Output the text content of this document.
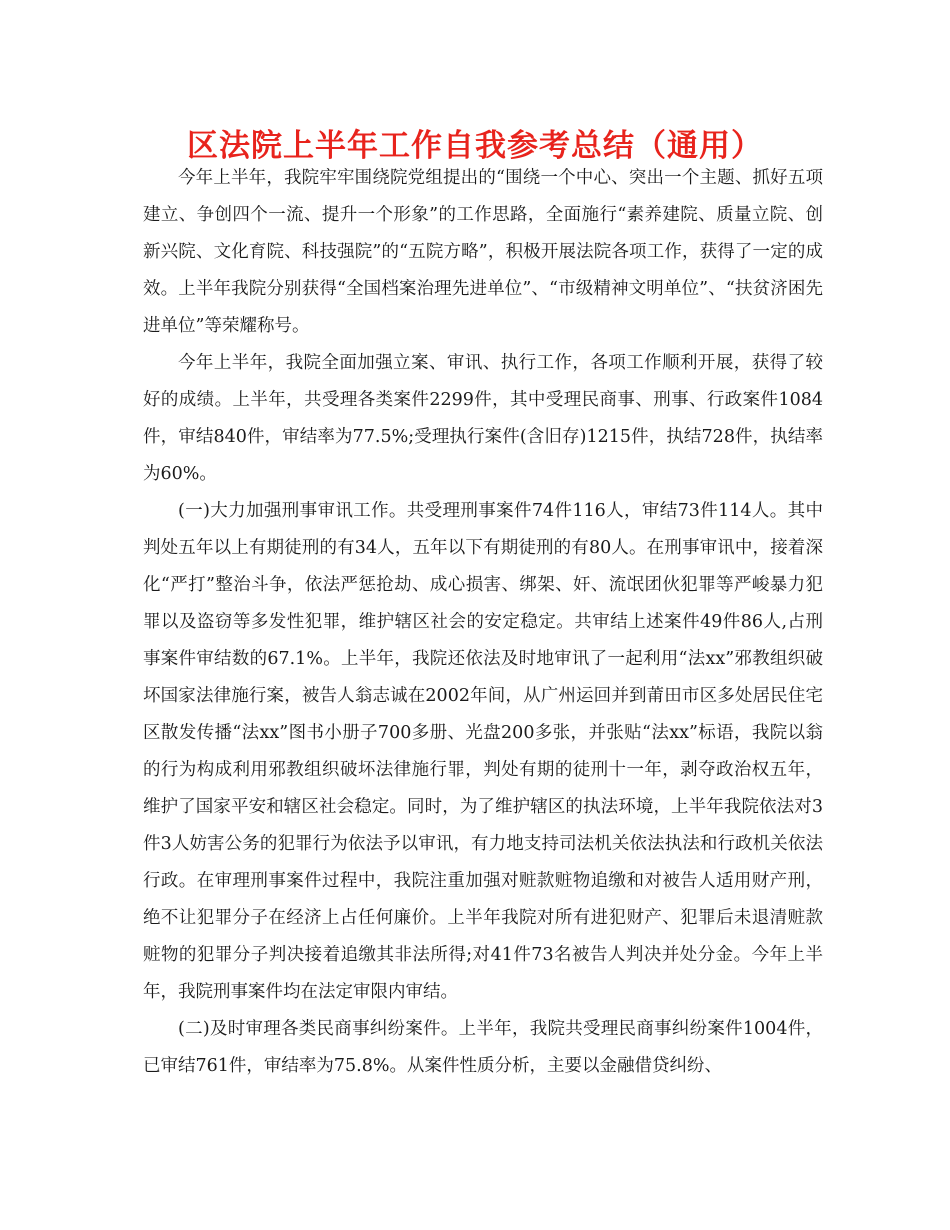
区法院上半年工作自我参考总结（通用）

今年上半年，我院牢牢围绕院党组提出的“围绕一个中心、突出一个主题、抓好五项建立、争创四个一流、提升一个形象”的工作思路，全面施行“素养建院、质量立院、创新兴院、文化育院、科技强院”的“五院方略”，积极开展法院各项工作，获得了一定的成效。上半年我院分别获得“全国档案治理先进单位”、“市级精神文明单位”、“扶贫济困先进单位”等荣耀称号。

今年上半年，我院全面加强立案、审讯、执行工作，各项工作顺利开展，获得了较好的成绩。上半年，共受理各类案件2299件，其中受理民商事、刑事、行政案件1084件，审结840件，审结率为77.5%;受理执行案件(含旧存)1215件，执结728件，执结率为60%。

(一)大力加强刑事审讯工作。共受理刑事案件74件116人，审结73件114人。其中判处五年以上有期徒刑的有34人，五年以下有期徒刑的有80人。在刑事审讯中，接着深化“严打”整治斗争，依法严惩抢劫、成心损害、绑架、奸、流氓团伙犯罪等严峻暴力犯罪以及盗窃等多发性犯罪，维护辖区社会的安定稳定。共审结上述案件49件86人,占刑事案件审结数的67.1%。上半年，我院还依法及时地审讯了一起利用“法xx”邪教组织破坏国家法律施行案，被告人翁志诚在2002年间，从广州运回并到莆田市区多处居民住宅区散发传播“法xx”图书小册子700多册、光盘200多张，并张贴“法xx”标语，我院以翁的行为构成利用邪教组织破坏法律施行罪，判处有期的徒刑十一年，剥夺政治权五年，维护了国家平安和辖区社会稳定。同时，为了维护辖区的执法环境，上半年我院依法对3件3人妨害公务的犯罪行为依法予以审讯，有力地支持司法机关依法执法和行政机关依法行政。在审理刑事案件过程中，我院注重加强对赃款赃物追缴和对被告人适用财产刑，绝不让犯罪分子在经济上占任何廉价。上半年我院对所有进犯财产、犯罪后未退清赃款赃物的犯罪分子判决接着追缴其非法所得;对41件73名被告人判决并处分金。今年上半年，我院刑事案件均在法定审限内审结。

(二)及时审理各类民商事纠纷案件。上半年，我院共受理民商事纠纷案件1004件，已审结761件，审结率为75.8%。从案件性质分析，主要以金融借贷纠纷、
